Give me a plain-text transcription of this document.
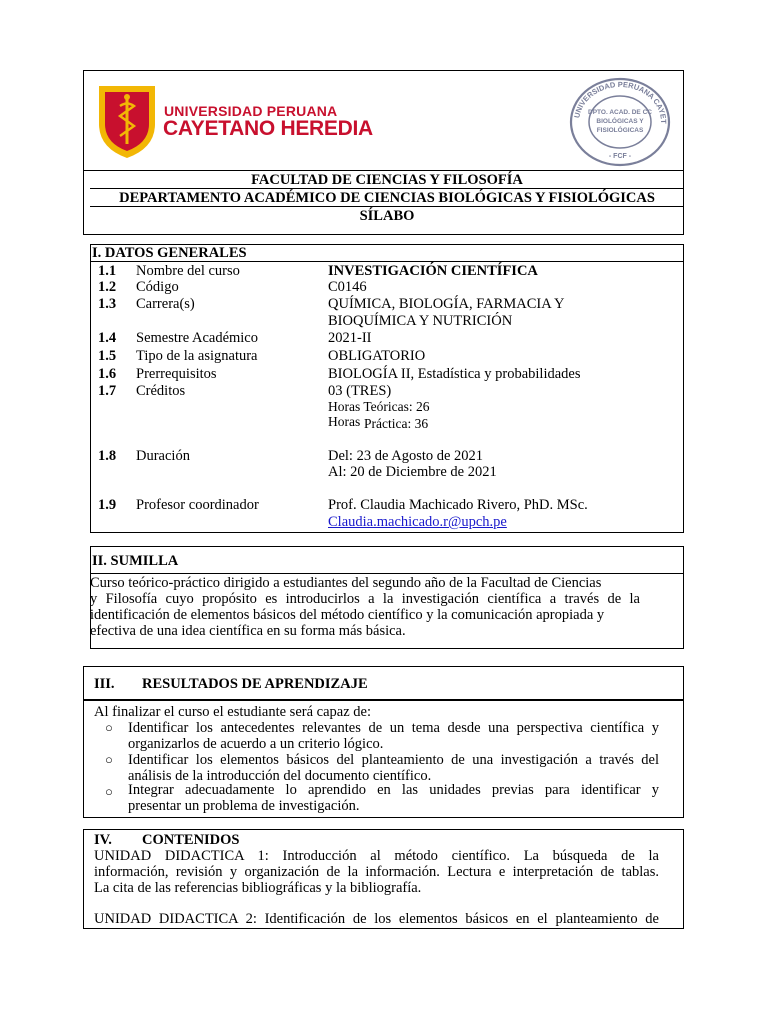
UNIVERSIDAD PERUANA
CAYETANO HEREDIA
UNIVERSIDAD PERUANA CAYET
DPTO. ACAD. DE CC
BIOLÓGICAS Y
FISIOLÓGICAS
- FCF -
FACULTAD DE CIENCIAS Y FILOSOFÍA
DEPARTAMENTO ACADÉMICO DE CIENCIAS BIOLÓGICAS Y FISIOLÓGICAS
SÍLABO
I. DATOS GENERALES
1.1 Nombre del curso	INVESTIGACIÓN CIENTÍFICA
1.2 Código	C0146
1.3 Carrera(s)	QUÍMICA, BIOLOGÍA, FARMACIA Y
BIOQUÍMICA Y NUTRICIÓN
1.4 Semestre Académico	2021-II
1.5 Tipo de la asignatura	OBLIGATORIO
1.6 Prerrequisitos	BIOLOGÍA II, Estadística y probabilidades
1.7 Créditos	03 (TRES)
Horas Teóricas: 26
Horas Práctica: 36
1.8 Duración	Del: 23 de Agosto de 2021
Al: 20 de Diciembre de 2021
1.9 Profesor coordinador	Prof. Claudia Machicado Rivero, PhD. MSc.
Claudia.machicado.r@upch.pe
II. SUMILLA
Curso teórico-práctico dirigido a estudiantes del segundo año de la Facultad de Ciencias
y Filosofía cuyo propósito es introducirlos a la investigación científica a través de la
identificación de elementos básicos del método científico y la comunicación apropiada y
efectiva de una idea científica en su forma más básica.
III. RESULTADOS DE APRENDIZAJE
Al finalizar el curso el estudiante será capaz de:
○ Identificar los antecedentes relevantes de un tema desde una perspectiva científica y
organizarlos de acuerdo a un criterio lógico.
○ Identificar los elementos básicos del planteamiento de una investigación a través del
análisis de la introducción del documento científico.
○ Integrar adecuadamente lo aprendido en las unidades previas para identificar y
presentar un problema de investigación.
IV. CONTENIDOS
UNIDAD DIDACTICA 1: Introducción al método científico. La búsqueda de la
información, revisión y organización de la información. Lectura e interpretación de tablas.
La cita de las referencias bibliográficas y la bibliografía.
UNIDAD DIDACTICA 2: Identificación de los elementos básicos en el planteamiento de
